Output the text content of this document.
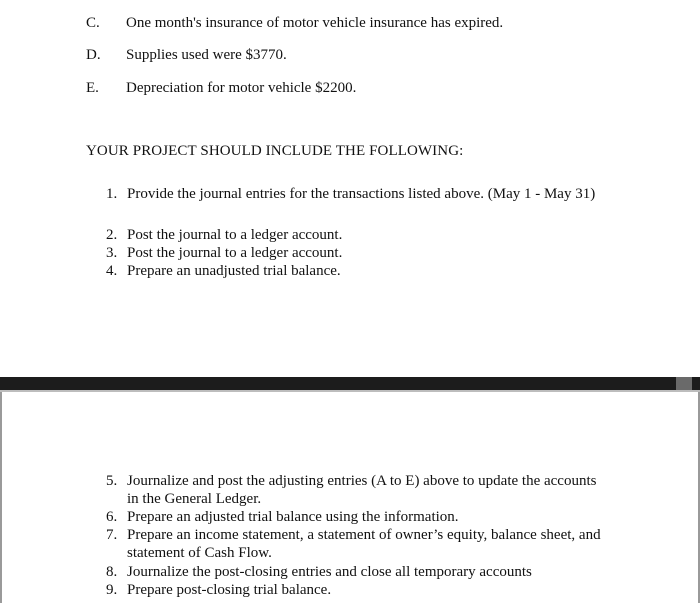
C. One month's insurance of motor vehicle insurance has expired.
D. Supplies used were $3770.
E. Depreciation for motor vehicle $2200.
YOUR PROJECT SHOULD INCLUDE THE FOLLOWING:
1. Provide the journal entries for the transactions listed above. (May 1 - May 31)
2. Post the journal to a ledger account.
3. Post the journal to a ledger account.
4. Prepare an unadjusted trial balance.
5. Journalize and post the adjusting entries (A to E) above to update the accounts in the General Ledger.
6. Prepare an adjusted trial balance using the information.
7. Prepare an income statement, a statement of owner’s equity, balance sheet, and statement of Cash Flow.
8. Journalize the post-closing entries and close all temporary accounts
9. Prepare post-closing trial balance.
